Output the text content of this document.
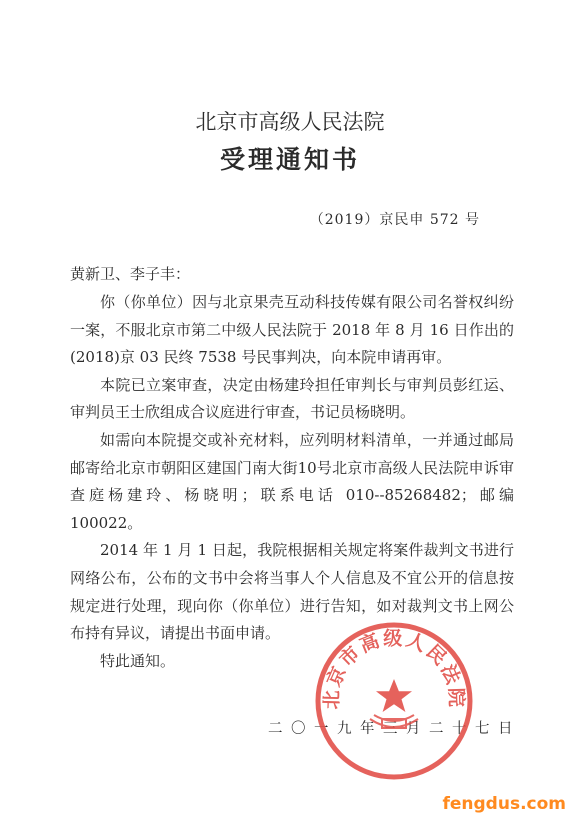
北京市高级人民法院
受理通知书
（2019）京民申 572 号
黄新卫、李子丰：

你（你单位）因与北京果壳互动科技传媒有限公司名誉权纠纷一案，不服北京市第二中级人民法院于 2018 年 8 月 16 日作出的(2018)京 03 民终 7538 号民事判决，向本院申请再审。

本院已立案审查，决定由杨建玲担任审判长与审判员彭红运、审判员王士欣组成合议庭进行审查，书记员杨晓明。

如需向本院提交或补充材料，应列明材料清单，一并通过邮局邮寄给北京市朝阳区建国门南大街10号北京市高级人民法院申诉审查庭杨建玲、杨晓明；联系电话 010--85268482；邮编 100022。

2014 年 1 月 1 日起，我院根据相关规定将案件裁判文书进行网络公布，公布的文书中会将当事人个人信息及不宜公开的信息按规定进行处理，现向你（你单位）进行告知，如对裁判文书上网公布持有异议，请提出书面申请。

特此通知。

二〇一九年三月二十七日
北京市高级人民法院
fengdus.com
